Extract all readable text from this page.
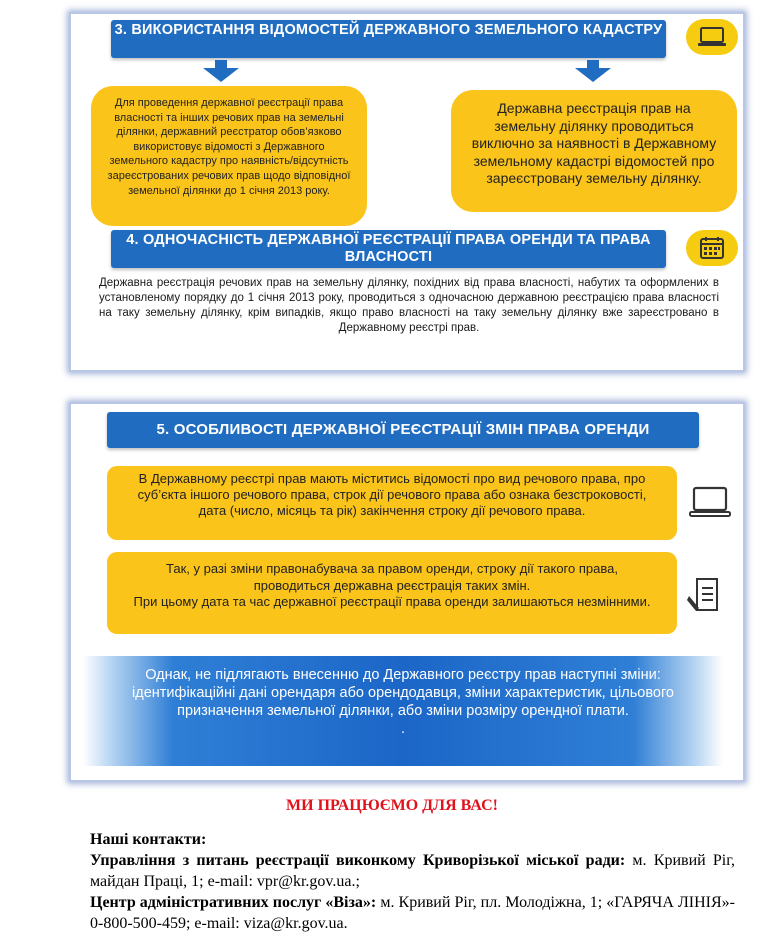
3. ВИКОРИСТАННЯ ВІДОМОСТЕЙ ДЕРЖАВНОГО ЗЕМЕЛЬНОГО КАДАСТРУ
Для проведення державної реєстрації права власності та інших речових прав на земельні ділянки, державний реєстратор обов’язково використовує відомості з Державного земельного кадастру про наявність/відсутність зареєстрованих речових прав щодо відповідної земельної ділянки до 1 січня 2013 року.
Державна реєстрація прав на земельну ділянку проводиться виключно за наявності в Державному земельному кадастрі відомостей про зареєстровану земельну ділянку.
4. ОДНОЧАСНІСТЬ ДЕРЖАВНОЇ РЕЄСТРАЦІЇ ПРАВА ОРЕНДИ ТА ПРАВА ВЛАСНОСТІ
Державна реєстрація речових прав на земельну ділянку, похідних від права власності, набутих та оформлених в установленому порядку до 1 січня 2013 року, проводиться з одночасною державною реєстрацією права власності на таку земельну ділянку, крім випадків, якщо право власності на таку земельну ділянку вже зареєстровано в Державному реєстрі прав.
5. ОСОБЛИВОСТІ ДЕРЖАВНОЇ РЕЄСТРАЦІЇ ЗМІН ПРАВА ОРЕНДИ
В Державному реєстрі прав мають міститись відомості про вид речового права, про суб’єкта іншого речового права, строк дії речового права або ознака безстроковості, дата (число, місяць та рік) закінчення строку дії речового права.
Так, у разі зміни правонабувача за правом оренди, строку дії такого права, проводиться державна реєстрація таких змін.
При цьому дата та час державної реєстрації права оренди залишаються незмінними.
Однак, не підлягають внесенню до Державного реєстру прав наступні зміни: ідентифікаційні дані орендаря або орендодавця, зміни характеристик, цільового призначення земельної ділянки, або зміни розміру орендної плати.
.
МИ ПРАЦЮЄМО ДЛЯ ВАС!
Наші контакти:
Управління з питань реєстрації виконкому Криворізької міської ради: м. Кривий Ріг, майдан Праці, 1; e-mail: vpr@kr.gov.ua.;
Центр адміністративних послуг «Віза»: м. Кривий Ріг, пл. Молодіжна, 1; «ГАРЯЧА ЛІНІЯ»- 0-800-500-459; e-mail: viza@kr.gov.ua.
